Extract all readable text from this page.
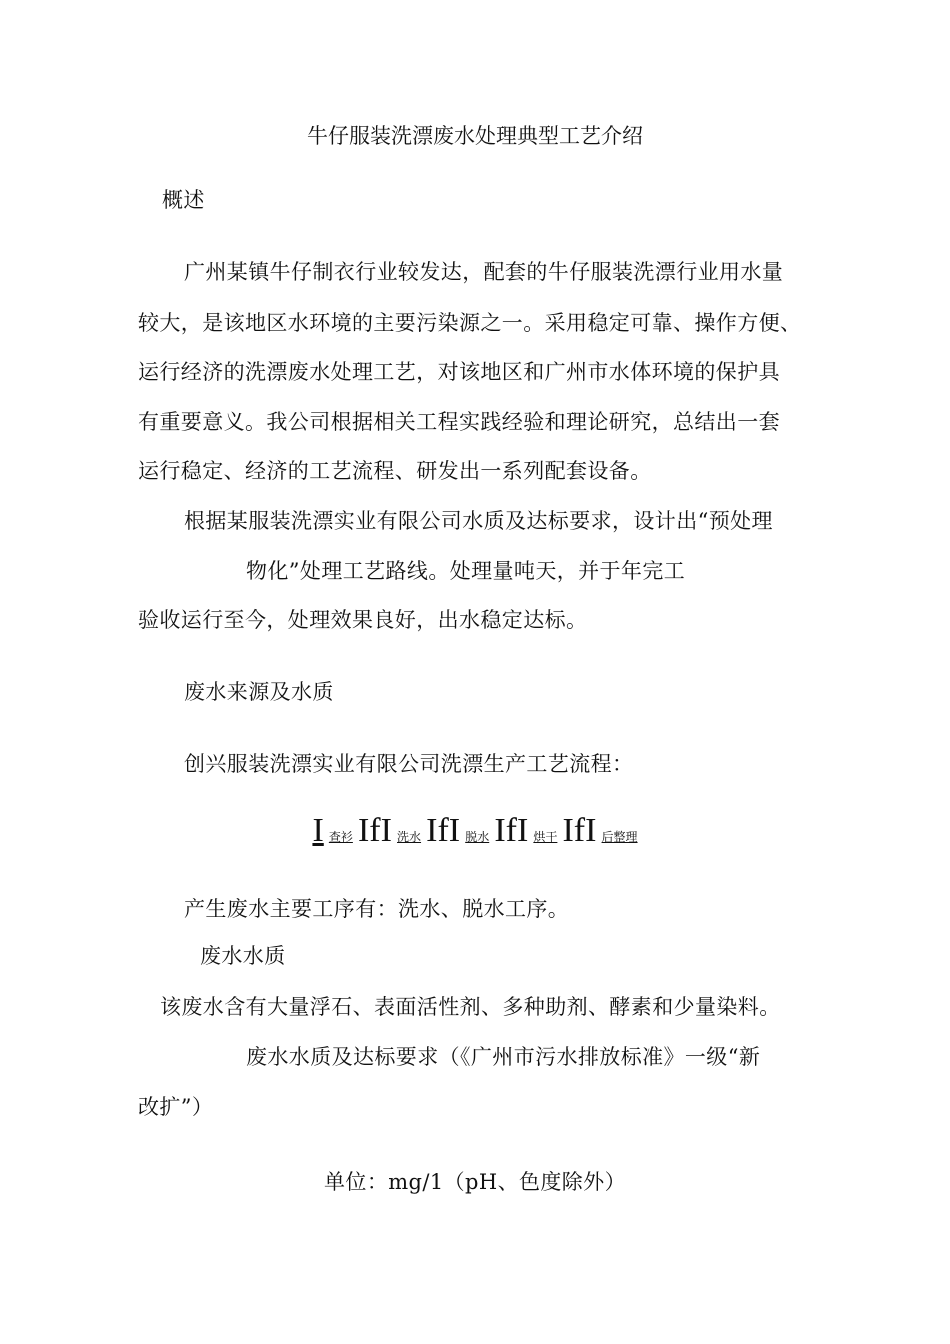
牛仔服装洗漂废水处理典型工艺介绍
概述
广州某镇牛仔制衣行业较发达，配套的牛仔服装洗漂行业用水量
较大，是该地区水环境的主要污染源之一。采用稳定可靠、操作方便、
运行经济的洗漂废水处理工艺，对该地区和广州市水体环境的保护具
有重要意义。我公司根据相关工程实践经验和理论研究，总结出一套
运行稳定、经济的工艺流程、研发出一系列配套设备。
根据某服装洗漂实业有限公司水质及达标要求，设计出“预处理
物化”处理工艺路线。处理量吨天，并于年完工
验收运行至今，处理效果良好，出水稳定达标。
废水来源及水质
创兴服装洗漂实业有限公司洗漂生产工艺流程：
I 查衫 IfI 洗水 IfI 脱水 IfI 烘干 IfI 后整理
产生废水主要工序有：洗水、脱水工序。
废水水质
该废水含有大量浮石、表面活性剂、多种助剂、酵素和少量染料。
废水水质及达标要求（《广州市污水排放标准》一级“新
改扩”）
单位：mg/1（pH、色度除外）
